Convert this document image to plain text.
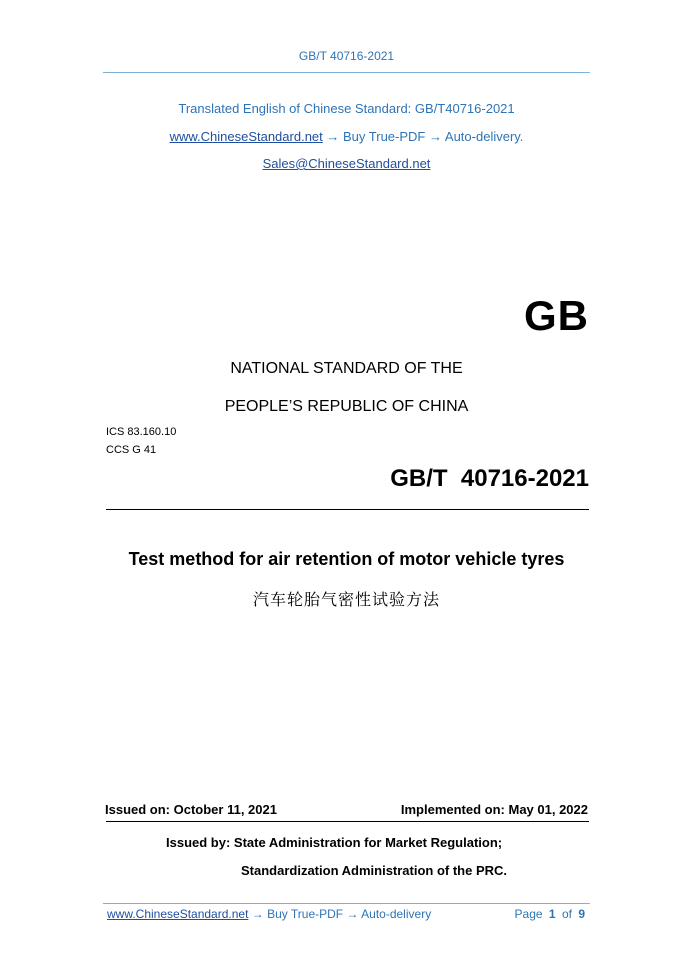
GB/T 40716-2021
Translated English of Chinese Standard: GB/T40716-2021
www.ChineseStandard.net → Buy True-PDF → Auto-delivery.
Sales@ChineseStandard.net
GB
NATIONAL STANDARD OF THE
PEOPLE’S REPUBLIC OF CHINA
ICS 83.160.10
CCS G 41
GB/T  40716-2021
Test method for air retention of motor vehicle tyres
汽车轮胎气密性试验方法
Issued on: October 11, 2021	Implemented on: May 01, 2022
Issued by: State Administration for Market Regulation;
Standardization Administration of the PRC.
www.ChineseStandard.net → Buy True-PDF → Auto-delivery	Page 1 of 9
